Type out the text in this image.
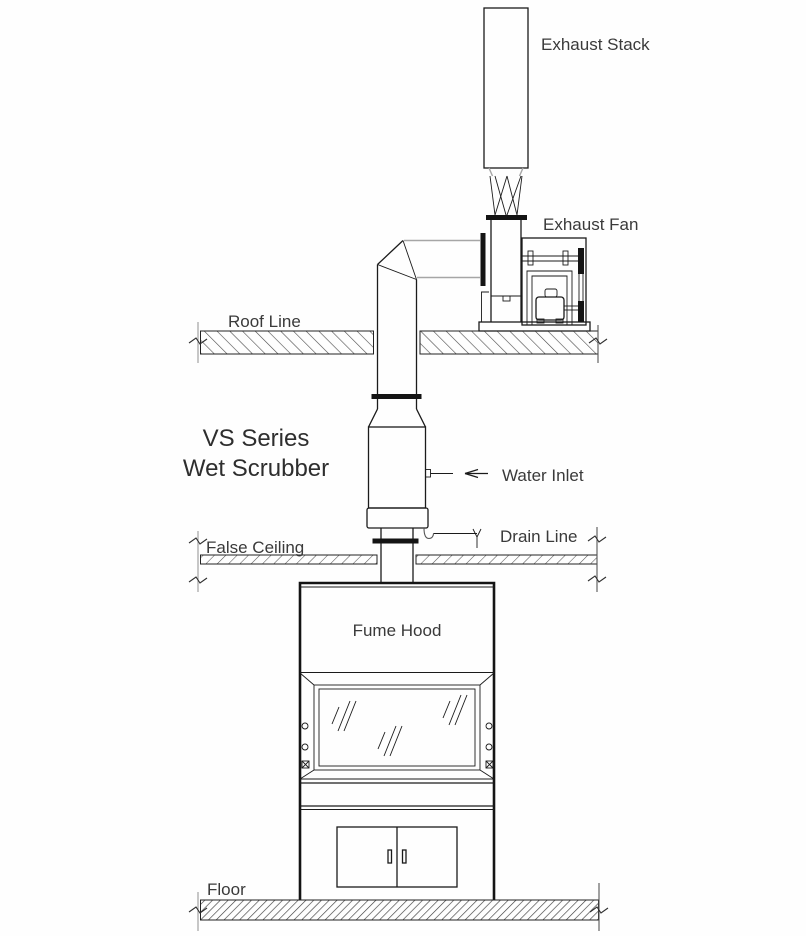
Roof Line
Water Inlet
Drain Line
False Ceiling
Fume Hood
Floor
Exhaust Stack
Exhaust Fan
VS Series
Wet Scrubber
